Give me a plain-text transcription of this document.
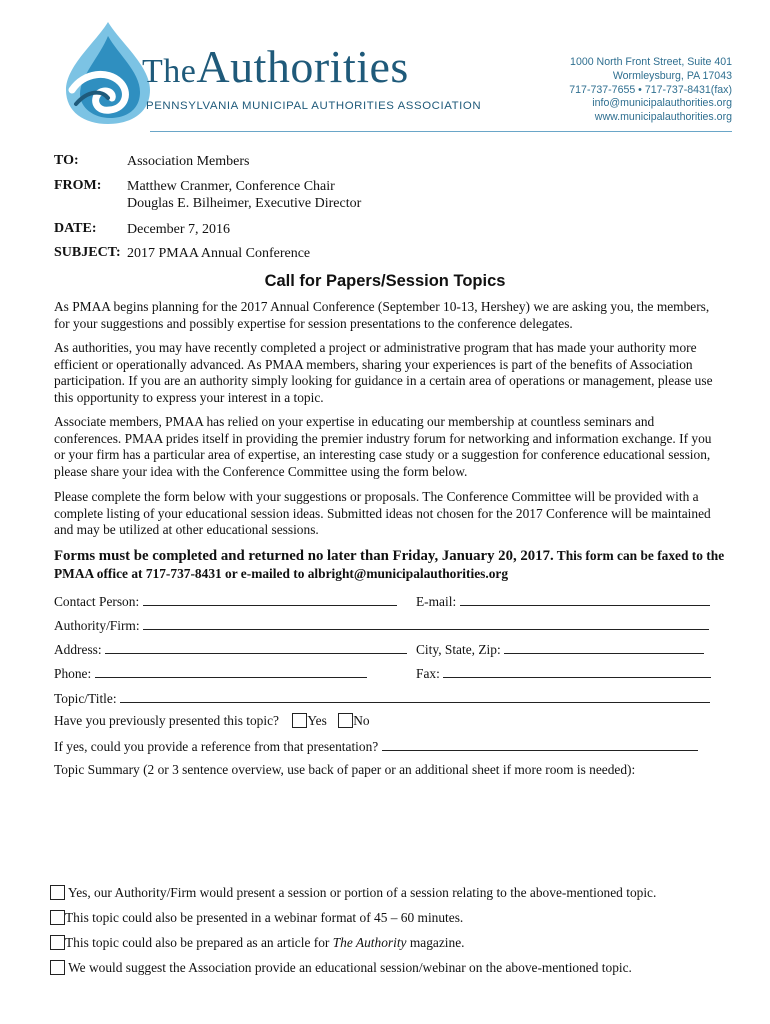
TheAuthorities
PENNSYLVANIA MUNICIPAL AUTHORITIES ASSOCIATION
1000 North Front Street, Suite 401
Wormleysburg, PA 17043
717-737-7655 • 717-737-8431(fax)
info@municipalauthorities.org
www.municipalauthorities.org
TO:	Association Members
FROM: Matthew Cranmer, Conference Chair
Douglas E. Bilheimer, Executive Director
DATE: December 7, 2016
SUBJECT: 2017 PMAA Annual Conference
Call for Papers/Session Topics
As PMAA begins planning for the 2017 Annual Conference (September 10-13, Hershey) we are asking you, the members, for your suggestions and possibly expertise for session presentations to the conference delegates.
As authorities, you may have recently completed a project or administrative program that has made your authority more efficient or operationally advanced. As PMAA members, sharing your experiences is part of the benefits of Association participation. If you are an authority simply looking for guidance in a certain area of operations or management, please use this opportunity to express your interest in a topic.
Associate members, PMAA has relied on your expertise in educating our membership at countless seminars and conferences. PMAA prides itself in providing the premier industry forum for networking and information exchange. If you or your firm has a particular area of expertise, an interesting case study or a suggestion for conference educational session, please share your idea with the Conference Committee using the form below.
Please complete the form below with your suggestions or proposals. The Conference Committee will be provided with a complete listing of your educational session ideas. Submitted ideas not chosen for the 2017 Conference will be maintained and may be utilized at other educational sessions.
Forms must be completed and returned no later than Friday, January 20, 2017. This form can be faxed to the PMAA office at 717-737-8431 or e-mailed to albright@municipalauthorities.org
Contact Person:	E-mail:
Authority/Firm:
Address:	City, State, Zip:
Phone:	Fax:
Topic/Title:
Have you previously presented this topic? Yes No
If yes, could you provide a reference from that presentation?
Topic Summary (2 or 3 sentence overview, use back of paper or an additional sheet if more room is needed):
Yes, our Authority/Firm would present a session or portion of a session relating to the above-mentioned topic.
This topic could also be presented in a webinar format of 45 – 60 minutes.
This topic could also be prepared as an article for The Authority magazine.
We would suggest the Association provide an educational session/webinar on the above-mentioned topic.
